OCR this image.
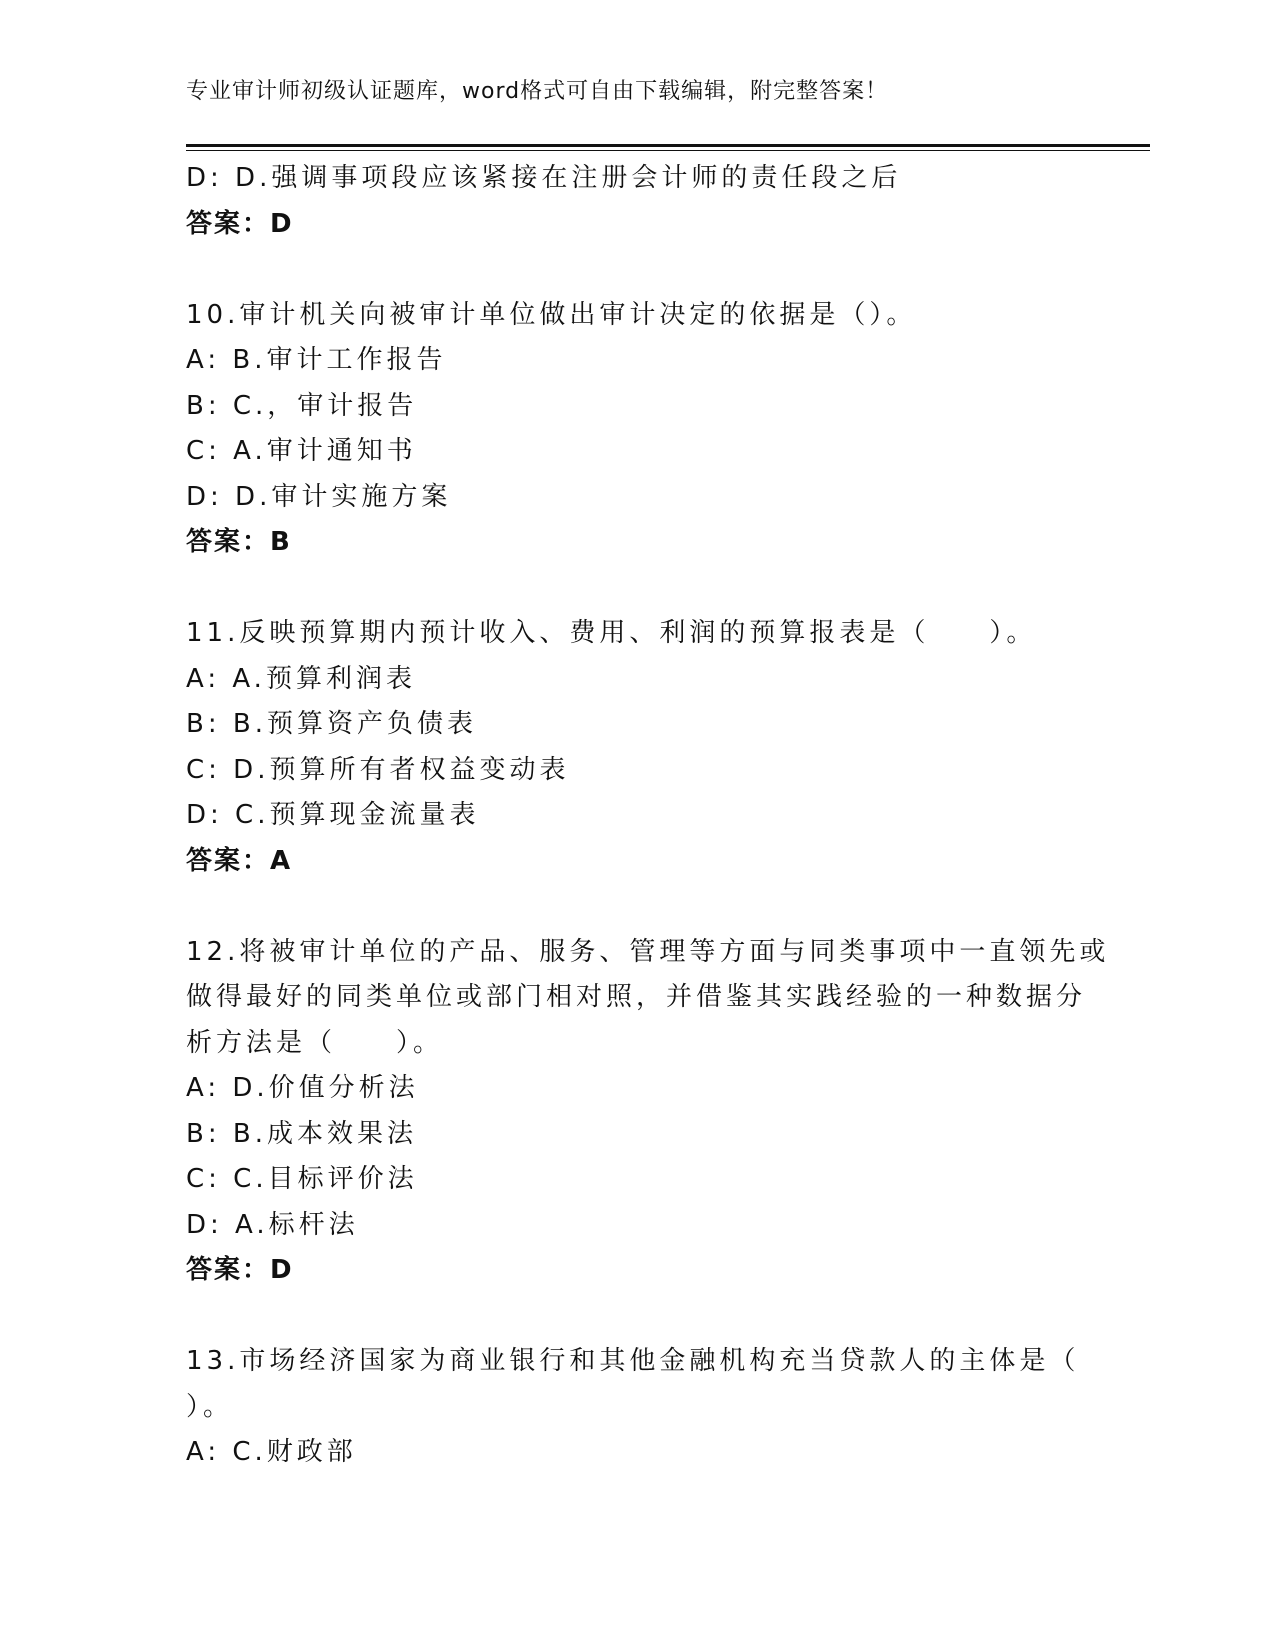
专业审计师初级认证题库，word格式可自由下载编辑，附完整答案！
D: D.强调事项段应该紧接在注册会计师的责任段之后
答案：D
10.审计机关向被审计单位做出审计决定的依据是（）。
A: B.审计工作报告
B: C.，审计报告
C: A.审计通知书
D: D.审计实施方案
答案：B
11.反映预算期内预计收入、费用、利润的预算报表是（　　）。
A: A.预算利润表
B: B.预算资产负债表
C: D.预算所有者权益变动表
D: C.预算现金流量表
答案：A
12.将被审计单位的产品、服务、管理等方面与同类事项中一直领先或
做得最好的同类单位或部门相对照，并借鉴其实践经验的一种数据分
析方法是（　　）。
A: D.价值分析法
B: B.成本效果法
C: C.目标评价法
D: A.标杆法
答案：D
13.市场经济国家为商业银行和其他金融机构充当贷款人的主体是（
）。
A: C.财政部
